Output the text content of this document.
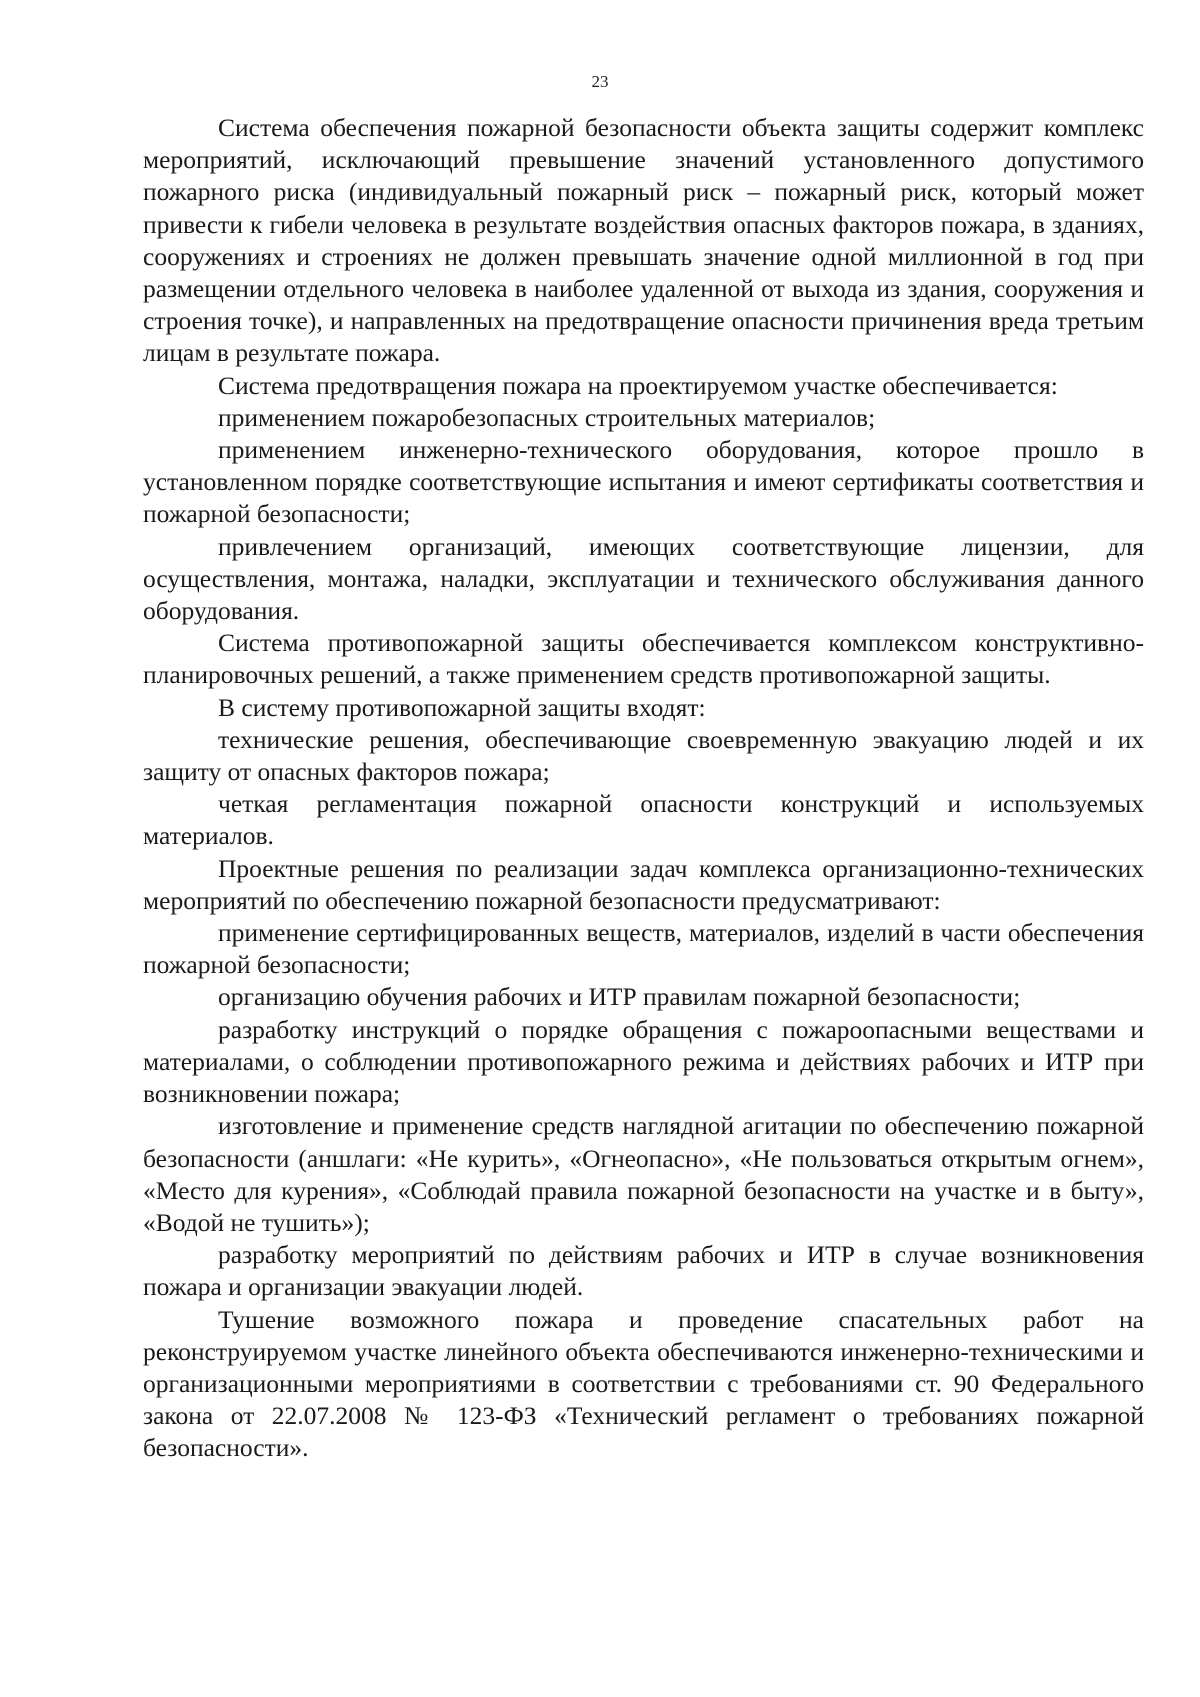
23

Система обеспечения пожарной безопасности объекта защиты содержит комплекс мероприятий, исключающий превышение значений установленного допустимого пожарного риска (индивидуальный пожарный риск – пожарный риск, который может привести к гибели человека в результате воздействия опасных факторов пожара, в зданиях, сооружениях и строениях не должен превышать значение одной миллионной в год при размещении отдельного человека в наиболее удаленной от выхода из здания, сооружения и строения точке), и направленных на предотвращение опасности причинения вреда третьим лицам в результате пожара.

Система предотвращения пожара на проектируемом участке обеспечивается:

применением пожаробезопасных строительных материалов;

применением инженерно-технического оборудования, которое прошло в установленном порядке соответствующие испытания и имеют сертификаты соответствия и пожарной безопасности;

привлечением организаций, имеющих соответствующие лицензии, для осуществления, монтажа, наладки, эксплуатации и технического обслуживания данного оборудования.

Система противопожарной защиты обеспечивается комплексом конструктивно-планировочных решений, а также применением средств противопожарной защиты.

В систему противопожарной защиты входят:

технические решения, обеспечивающие своевременную эвакуацию людей и их защиту от опасных факторов пожара;

четкая регламентация пожарной опасности конструкций и используемых материалов.

Проектные решения по реализации задач комплекса организационно-технических мероприятий по обеспечению пожарной безопасности предусматривают:

применение сертифицированных веществ, материалов, изделий в части обеспечения пожарной безопасности;

организацию обучения рабочих и ИТР правилам пожарной безопасности;

разработку инструкций о порядке обращения с пожароопасными веществами и материалами, о соблюдении противопожарного режима и действиях рабочих и ИТР при возникновении пожара;

изготовление и применение средств наглядной агитации по обеспечению пожарной безопасности (аншлаги: «Не курить», «Огнеопасно», «Не пользоваться открытым огнем», «Место для курения», «Соблюдай правила пожарной безопасности на участке и в быту», «Водой не тушить»);

разработку мероприятий по действиям рабочих и ИТР в случае возникновения пожара и организации эвакуации людей.

Тушение возможного пожара и проведение спасательных работ на реконструируемом участке линейного объекта обеспечиваются инженерно-техническими и организационными мероприятиями в соответствии с требованиями ст. 90 Федерального закона от 22.07.2008 № 123-ФЗ «Технический регламент о требованиях пожарной безопасности».
